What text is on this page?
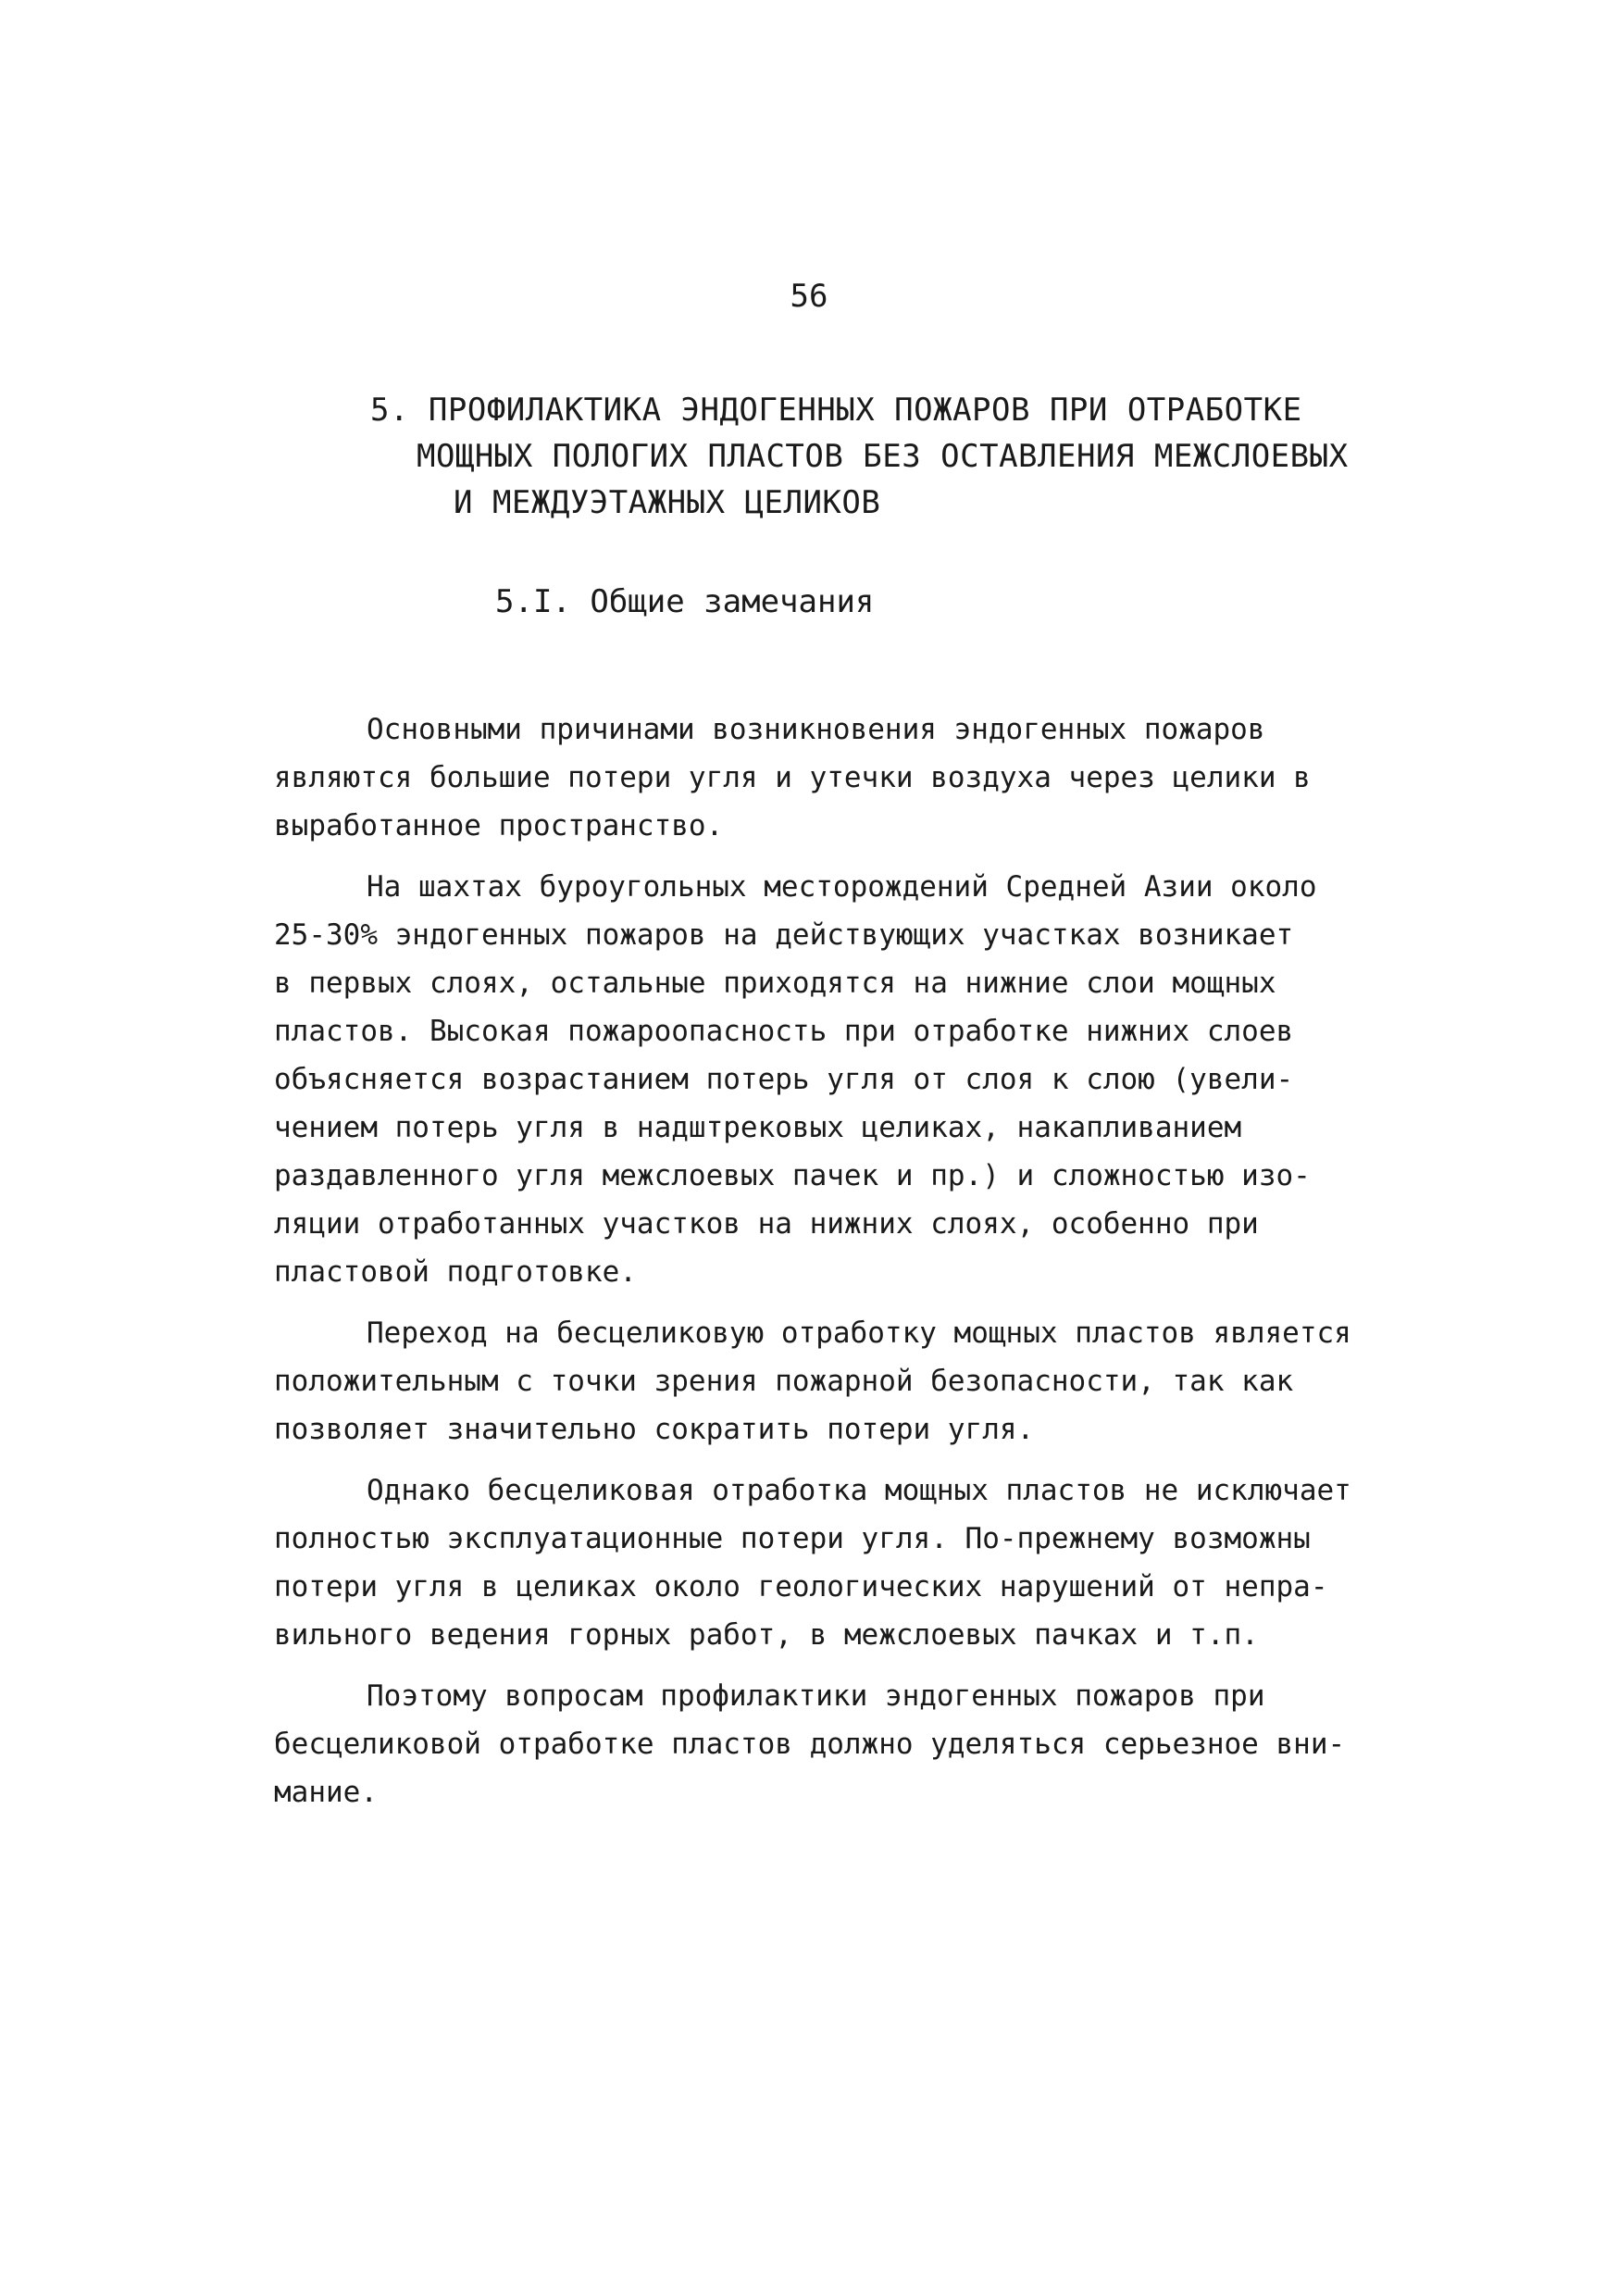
56
5. ПРОФИЛАКТИКА ЭНДОГЕННЫХ ПОЖАРОВ ПРИ ОТРАБОТКЕ
МОЩНЫХ ПОЛОГИХ ПЛАСТОВ БЕЗ ОСТАВЛЕНИЯ МЕЖСЛОЕВЫХ
И МЕЖДУЭТАЖНЫХ ЦЕЛИКОВ
5.I. Общие замечания
Основными причинами возникновения эндогенных пожаров
являются большие потери угля и утечки воздуха через целики в
выработанное пространство.
На шахтах буроугольных месторождений Средней Азии около
25-30% эндогенных пожаров на действующих участках возникает
в первых слоях, остальные приходятся на нижние слои мощных
пластов. Высокая пожароопасность при отработке нижних слоев
объясняется возрастанием потерь угля от слоя к слою (увели-
чением потерь угля в надштрековых целиках, накапливанием
раздавленного угля межслоевых пачек и пр.) и сложностью изо-
ляции отработанных участков на нижних слоях, особенно при
пластовой подготовке.
Переход на бесцеликовую отработку мощных пластов является
положительным с точки зрения пожарной безопасности, так как
позволяет значительно сократить потери угля.
Однако бесцеликовая отработка мощных пластов не исключает
полностью эксплуатационные потери угля. По-прежнему возможны
потери угля в целиках около геологических нарушений от непра-
вильного ведения горных работ, в межслоевых пачках и т.п.
Поэтому вопросам профилактики эндогенных пожаров при
бесцеликовой отработке пластов должно уделяться серьезное вни-
мание.
